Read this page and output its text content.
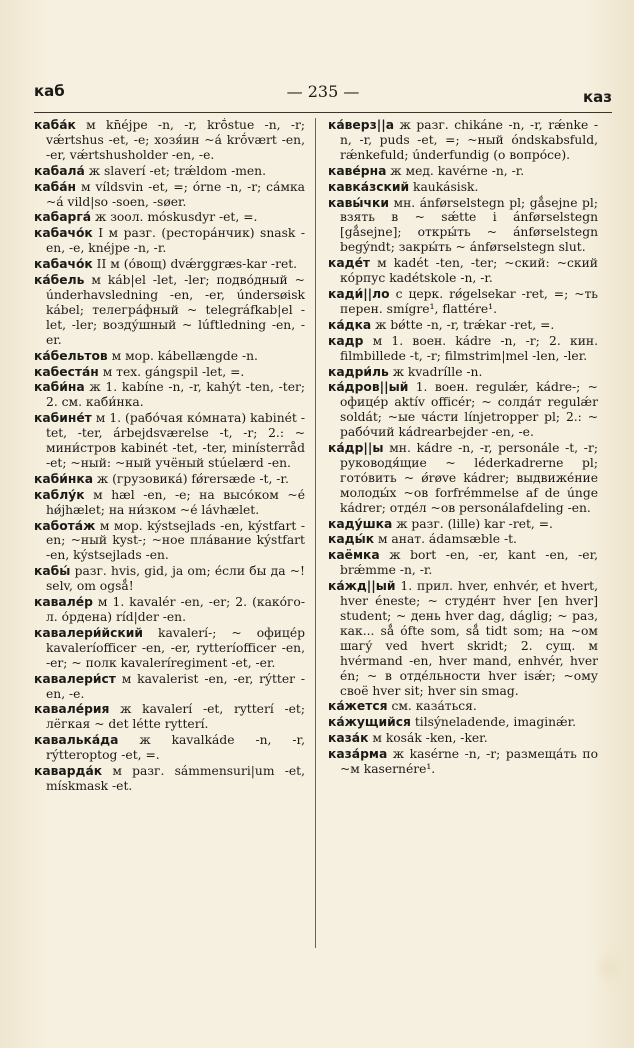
каб	— 235 —	каз
каба́к м kn̄éjpe -n, -r, krṓstue -n, -r; vǽrtshus -et, -e; хозя́ин ~а́ krṓvært -en, -er, vǽrtshusholder -en, -e.
кабала́ ж slaverí -et; trǽldom -men.
каба́н м víldsvin -et, =; órne -n, -r; са́мка ~а́ vild|so -soen, -søer.
кабарга́ ж зоол. móskusdyr -et, =.
кабачо́к I м разг. (рестора́нчик) snask -en, -e, knéjpe -n, -r.
кабачо́к II м (о́вощ) dvǽrggræs-kar -ret.
ка́бель м káb|el -let, -ler; подво́дный ~ únderhavsledning -en, -er, úndersøisk kábel; телегра́фный ~ telegráfkab|el -let, -ler; возду́шный ~ lúftledning -en, -er.
ка́бельтов м мор. kábellængde -n.
кабеста́н м тех. gángspil -let, =.
каби́на ж 1. kabíne -n, -r, kahýt -ten, -ter; 2. см. каби́нка.
кабине́т м 1. (рабо́чая ко́мната) kabinét -tet, -ter, árbejdsværelse -t, -r; 2.: ~ мини́стров kabinét -tet, -ter, minísterråd -et; ~ный: ~ный учёный stúelærd -en.
каби́нка ж (грузовика́) fǿrersæde -t, -r.
каблу́к м hæl -en, -e; на высо́ком ~е́ hǿjhælet; на ни́зком ~е́ lávhælet.
кабота́ж м мор. kýstsejlads -en, kýstfart -en; ~ный kyst-; ~ное пла́вание kýstfart -en, kýstsejlads -en.
кабы́ разг. hvis, gid, ja om; е́сли бы да ~! selv, om ogsǻ!
кавале́р м 1. kavalér -en, -er; 2. (како́го-л. о́рдена) ríd|der -en.
кавалери́йский kavalerí-; ~ офице́р kavaleríofficer -en, -er, rytteríofficer -en, -er; ~ полк kavaleríregiment -et, -er.
кавалери́ст м kavalerist -en, -er, rýtter -en, -e.
кавале́рия ж kavalerí -et, rytterí -et; лёгкая ~ det létte rytterí.
кавалька́да ж kavalkáde -n, -r, rýtteroptog -et, =.
каварда́к м разг. sámmensuri|um -et, mískmask -et.
ка́верз||а ж разг. chikáne -n, -r, rǽnke -n, -r, puds -et, =; ~ный óndskabsfuld, rǽnkefuld; únderfundig (о вопро́се).
каве́рна ж мед. kavérne -n, -r.
кавка́зский kaukásisk.
кавы́чки мн. ánførselstegn pl; gǻsejne pl; взять в ~ sǽtte i ánførselstegn [gǻsejne]; откры́ть ~ ánførselstegn begýndt; закры́ть ~ ánførselstegn slut.
каде́т м kadét -ten, -ter; ~ский: ~ский ко́рпус kadétskole -n, -r.
кади́||ло с церк. rǿgelsekar -ret, =; ~ть перен. smígre¹, flattére¹.
ка́дка ж bǿtte -n, -r, trǽkar -ret, =.
кадр м 1. воен. kádre -n, -r; 2. кин. filmbillede -t, -r; filmstrim|mel -len, -ler.
кадри́ль ж kvadrílle -n.
ка́дров||ый 1. воен. regulǽr, kádre-; ~ офице́р aktív officér; ~ солда́т regulǽr soldát; ~ые ча́сти línjetropper pl; 2.: ~ рабо́чий kádrearbejder -en, -e.
ка́др||ы мн. kádre -n, -r, personále -t, -r; руководя́щие ~ léderkadrerne pl; гото́вить ~ ǿrøve kádrer; выдвиже́ние молоды́х ~ов forfrémmelse af de únge kádrer; отде́л ~ов personálafdeling -en.
каду́шка ж разг. (lille) kar -ret, =.
кады́к м анат. ádamsæble -t.
каёмка ж bort -en, -er, kant -en, -er, brǽmme -n, -r.
ка́жд||ый 1. прил. hver, enhvér, et hvert, hver éneste; ~ студе́нт hver [en hver] student; ~ день hver dag, dáglig; ~ раз, как... sǻ ófte som, sǻ tidt som; на ~ом шагу́ ved hvert skridt; 2. сущ. м hvérmand -en, hver mand, enhvér, hver én; ~ в отде́льности hver isǽr; ~ому своё hver sit; hver sin smag.
ка́жется см. каза́ться.
ка́жущийся tilsýneladende, imaginǽr.
каза́к м kosák -ken, -ker.
каза́рма ж kasérne -n, -r; размеща́ть по ~м kasernére¹.
